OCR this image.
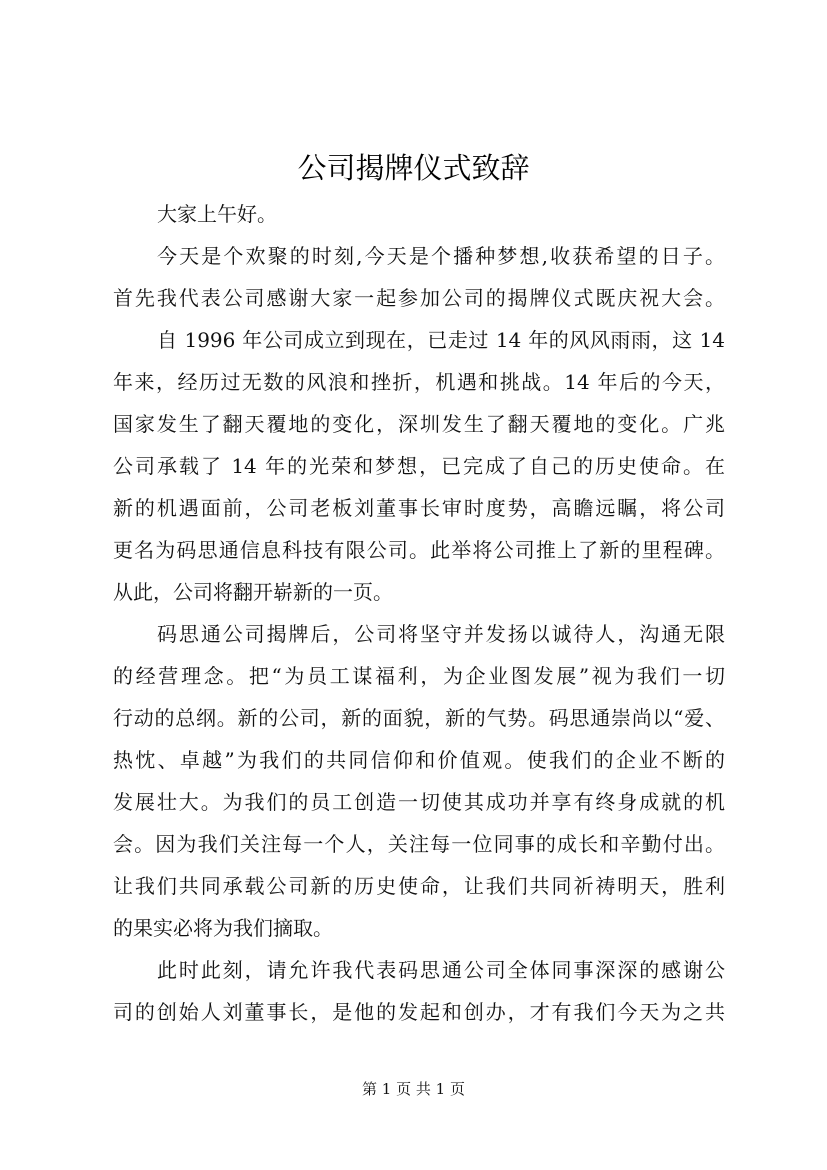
公司揭牌仪式致辞
大家上午好。
今天是个欢聚的时刻,今天是个播种梦想,收获希望的日子。
首先我代表公司感谢大家一起参加公司的揭牌仪式既庆祝大会。
自 1996 年公司成立到现在，已走过 14 年的风风雨雨，这 14
年来，经历过无数的风浪和挫折，机遇和挑战。14 年后的今天，
国家发生了翻天覆地的变化，深圳发生了翻天覆地的变化。广兆
公司承载了 14 年的光荣和梦想，已完成了自己的历史使命。在
新的机遇面前，公司老板刘董事长审时度势，高瞻远瞩，将公司
更名为码思通信息科技有限公司。此举将公司推上了新的里程碑。
从此，公司将翻开崭新的一页。
码思通公司揭牌后，公司将坚守并发扬以诚待人，沟通无限
的经营理念。把“为员工谋福利，为企业图发展”视为我们一切
行动的总纲。新的公司，新的面貌，新的气势。码思通崇尚以“爱、
热忱、卓越”为我们的共同信仰和价值观。使我们的企业不断的
发展壮大。为我们的员工创造一切使其成功并享有终身成就的机
会。因为我们关注每一个人，关注每一位同事的成长和辛勤付出。
让我们共同承载公司新的历史使命，让我们共同祈祷明天，胜利
的果实必将为我们摘取。
此时此刻，请允许我代表码思通公司全体同事深深的感谢公
司的创始人刘董事长，是他的发起和创办，才有我们今天为之共
第 1 页 共 1 页
